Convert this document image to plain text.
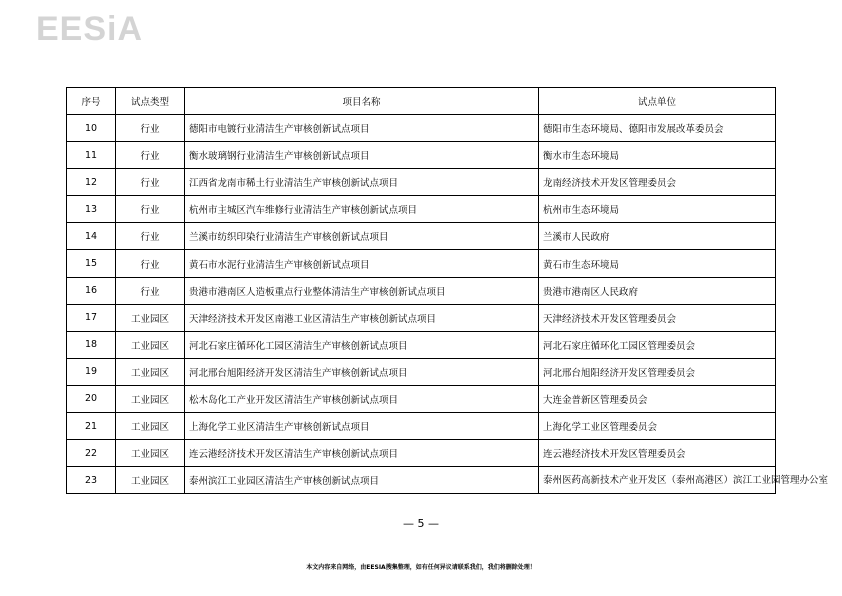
EESiA
序号	试点类型	项目名称	试点单位
10	行业	德阳市电镀行业清洁生产审核创新试点项目	德阳市生态环境局、德阳市发展改革委员会
11	行业	衡水玻璃钢行业清洁生产审核创新试点项目	衡水市生态环境局
12	行业	江西省龙南市稀土行业清洁生产审核创新试点项目	龙南经济技术开发区管理委员会
13	行业	杭州市主城区汽车维修行业清洁生产审核创新试点项目	杭州市生态环境局
14	行业	兰溪市纺织印染行业清洁生产审核创新试点项目	兰溪市人民政府
15	行业	黄石市水泥行业清洁生产审核创新试点项目	黄石市生态环境局
16	行业	贵港市港南区人造板重点行业整体清洁生产审核创新试点项目	贵港市港南区人民政府
17	工业园区	天津经济技术开发区南港工业区清洁生产审核创新试点项目	天津经济技术开发区管理委员会
18	工业园区	河北石家庄循环化工园区清洁生产审核创新试点项目	河北石家庄循环化工园区管理委员会
19	工业园区	河北邢台旭阳经济开发区清洁生产审核创新试点项目	河北邢台旭阳经济开发区管理委员会
20	工业园区	松木岛化工产业开发区清洁生产审核创新试点项目	大连金普新区管理委员会
21	工业园区	上海化学工业区清洁生产审核创新试点项目	上海化学工业区管理委员会
22	工业园区	连云港经济技术开发区清洁生产审核创新试点项目	连云港经济技术开发区管理委员会
23	工业园区	泰州滨江工业园区清洁生产审核创新试点项目	泰州医药高新技术产业开发区（泰州高港区）滨江工业园管理办公室
— 5 —
本文内容来自网络，由EESIA搜集整理，如有任何异议请联系我们，我们将删除处理！
